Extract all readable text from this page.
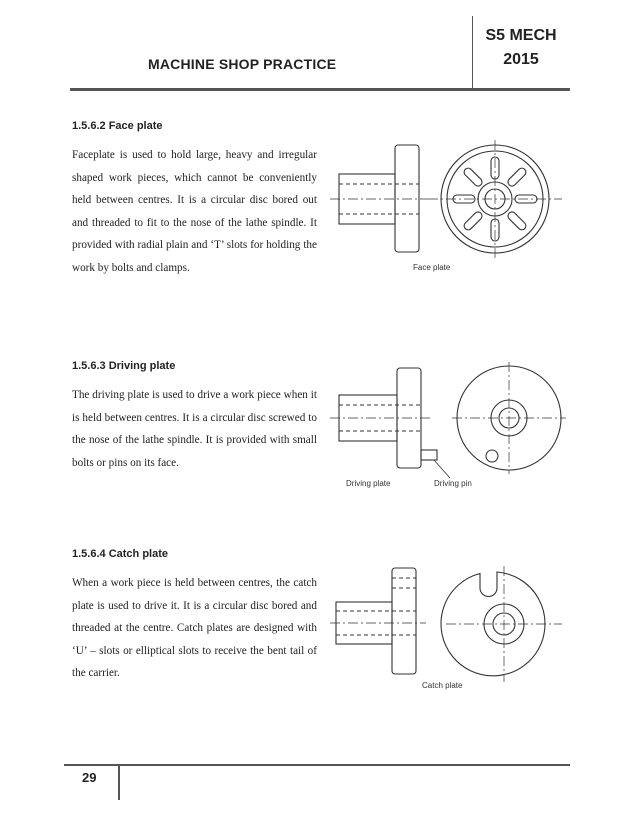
MACHINE SHOP PRACTICE
S5 MECH
2015
1.5.6.2 Face plate
Faceplate is used to hold large, heavy and irregular shaped work pieces, which cannot be conveniently held between centres. It is a circular disc bored out and threaded to fit to the nose of the lathe spindle. It provided with radial plain and ‘T’ slots for holding the work by bolts and clamps.	Face plate
1.5.6.3 Driving plate
The driving plate is used to drive a work piece when it is held between centres. It is a circular disc screwed to the nose of the lathe spindle. It is provided with small bolts or pins on its face.
Driving plate	Driving pin
1.5.6.4 Catch plate
When a work piece is held between centres, the catch plate is used to drive it. It is a circular disc bored and threaded at the centre. Catch plates are designed with ‘U’ – slots or elliptical slots to receive the bent tail of the carrier.
Catch plate
29
